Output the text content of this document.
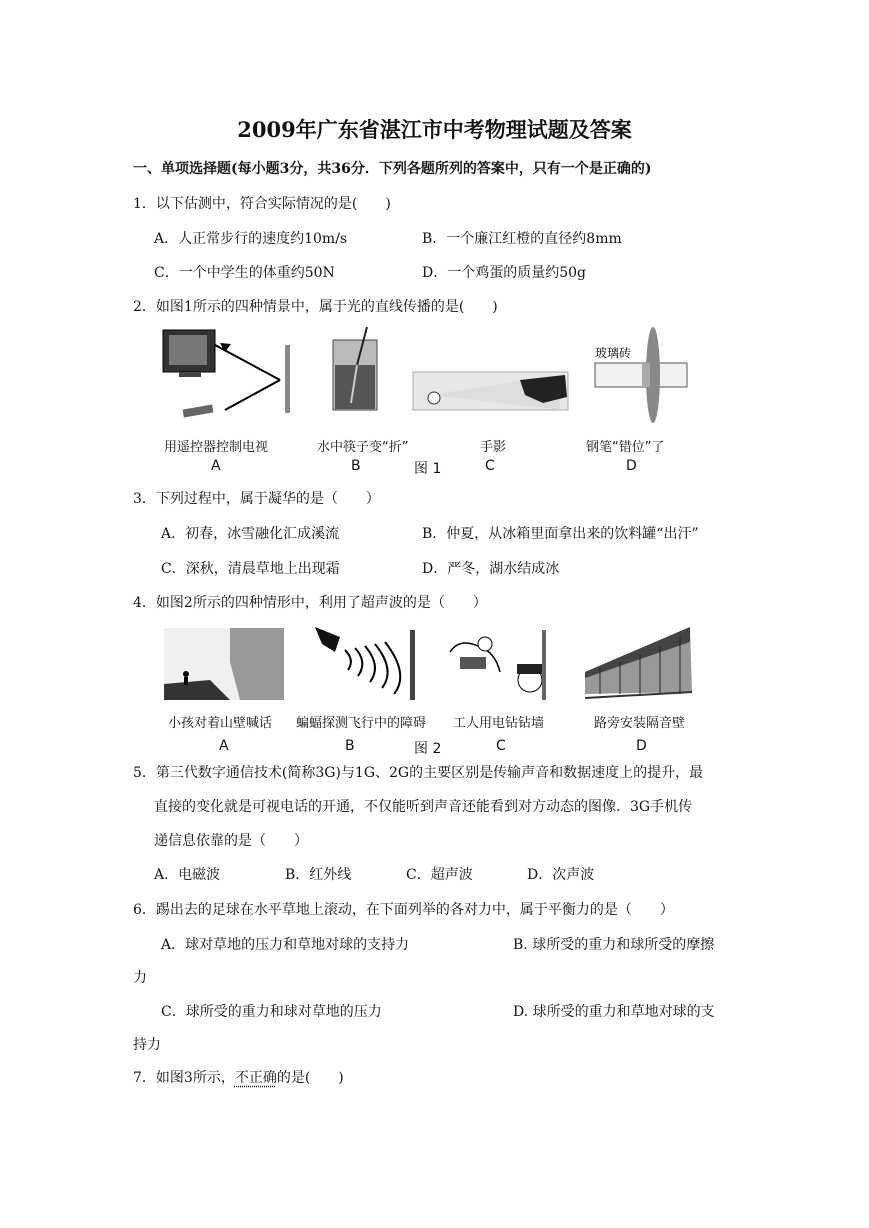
2009年广东省湛江市中考物理试题及答案
一、单项选择题(每小题3分，共36分．下列各题所列的答案中，只有一个是正确的)
1．以下估测中，符合实际情况的是(　　)
A．人正常步行的速度约10m/s	B．一个廉江红橙的直径约8mm
C．一个中学生的体重约50N	D．一个鸡蛋的质量约50g
2．如图1所示的四种情景中，属于光的直线传播的是(　　)
玻璃砖
用遥控器控制电视	水中筷子变“折”	手影	钢笔“错位”了
A	B	图 1	C	D
3．下列过程中，属于凝华的是（　　）
A．初春，冰雪融化汇成溪流	B．仲夏，从冰箱里面拿出来的饮料罐“出汗”
C．深秋，清晨草地上出现霜	D．严冬，湖水结成冰
4．如图2所示的四种情形中，利用了超声波的是（　　）
小孩对着山壁喊话 蝙蝠探测飞行中的障碍 工人用电钻钻墙	路旁安装隔音壁
A	B	图 2	C	D
5．第三代数字通信技术(简称3G)与1G、2G的主要区别是传输声音和数据速度上的提升，最
直接的变化就是可视电话的开通，不仅能听到声音还能看到对方动态的图像．3G手机传
递信息依靠的是（　　）
A．电磁波	B．红外线	C．超声波	D．次声波
6．踢出去的足球在水平草地上滚动，在下面列举的各对力中，属于平衡力的是（　　）
A．球对草地的压力和草地对球的支持力	B. 球所受的重力和球所受的摩擦
力
C．球所受的重力和球对草地的压力	D. 球所受的重力和草地对球的支
持力
7．如图3所示，不正确的是(　　)
